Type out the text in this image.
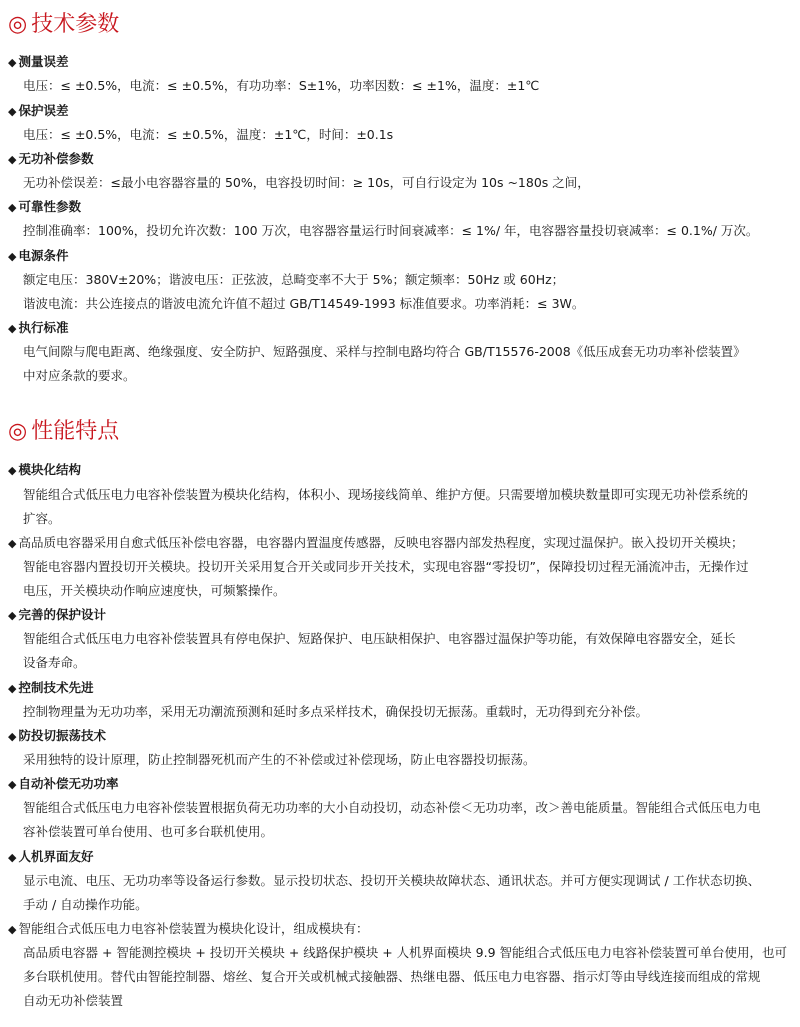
◎ 技术参数
◆ 测量误差
电压：≤ ±0.5%，电流：≤ ±0.5%，有功功率：S±1%，功率因数：≤ ±1%，温度：±1℃
◆ 保护误差
电压：≤ ±0.5%，电流：≤ ±0.5%，温度：±1℃，时间：±0.1s
◆ 无功补偿参数
无功补偿误差：≤最小电容器容量的 50%，电容投切时间：≥ 10s，可自行设定为 10s ~180s 之间，
◆ 可靠性参数
控制准确率：100%，投切允许次数：100 万次，电容器容量运行时间衰减率：≤ 1%/ 年，电容器容量投切衰减率：≤ 0.1%/ 万次。
◆ 电源条件
额定电压：380V±20%；谐波电压：正弦波，总畸变率不大于 5%；额定频率：50Hz 或 60Hz；
谐波电流：共公连接点的谐波电流允许值不超过 GB/T14549-1993 标准值要求。功率消耗：≤ 3W。
◆ 执行标准
电气间隙与爬电距离、绝缘强度、安全防护、短路强度、采样与控制电路均符合 GB/T15576-2008《低压成套无功功率补偿装置》
中对应条款的要求。
◎ 性能特点
◆ 模块化结构
智能组合式低压电力电容补偿装置为模块化结构，体积小、现场接线简单、维护方便。只需要增加模块数量即可实现无功补偿系统的
扩容。
◆ 高品质电容器采用自愈式低压补偿电容器，电容器内置温度传感器，反映电容器内部发热程度，实现过温保护。嵌入投切开关模块；
智能电容器内置投切开关模块。投切开关采用复合开关或同步开关技术，实现电容器“零投切”，保障投切过程无涌流冲击，无操作过
电压，开关模块动作响应速度快，可频繁操作。
◆ 完善的保护设计
智能组合式低压电力电容补偿装置具有停电保护、短路保护、电压缺相保护、电容器过温保护等功能，有效保障电容器安全，延长
设备寿命。
◆ 控制技术先进
控制物理量为无功功率，采用无功潮流预测和延时多点采样技术，确保投切无振荡。重载时，无功得到充分补偿。
◆ 防投切振荡技术
采用独特的设计原理，防止控制器死机而产生的不补偿或过补偿现场，防止电容器投切振荡。
◆ 自动补偿无功功率
智能组合式低压电力电容补偿装置根据负荷无功功率的大小自动投切，动态补偿＜无功功率，改＞善电能质量。智能组合式低压电力电
容补偿装置可单台使用、也可多台联机使用。
◆ 人机界面友好
显示电流、电压、无功功率等设备运行参数。显示投切状态、投切开关模块故障状态、通讯状态。并可方便实现调试 / 工作状态切换、
手动 / 自动操作功能。
◆ 智能组合式低压电力电容补偿装置为模块化设计，组成模块有：
高品质电容器 + 智能测控模块 + 投切开关模块 + 线路保护模块 + 人机界面模块 9.9 智能组合式低压电力电容补偿装置可单台使用，也可
多台联机使用。替代由智能控制器、熔丝、复合开关或机械式接触器、热继电器、低压电力电容器、指示灯等由导线连接而组成的常规
自动无功补偿装置
